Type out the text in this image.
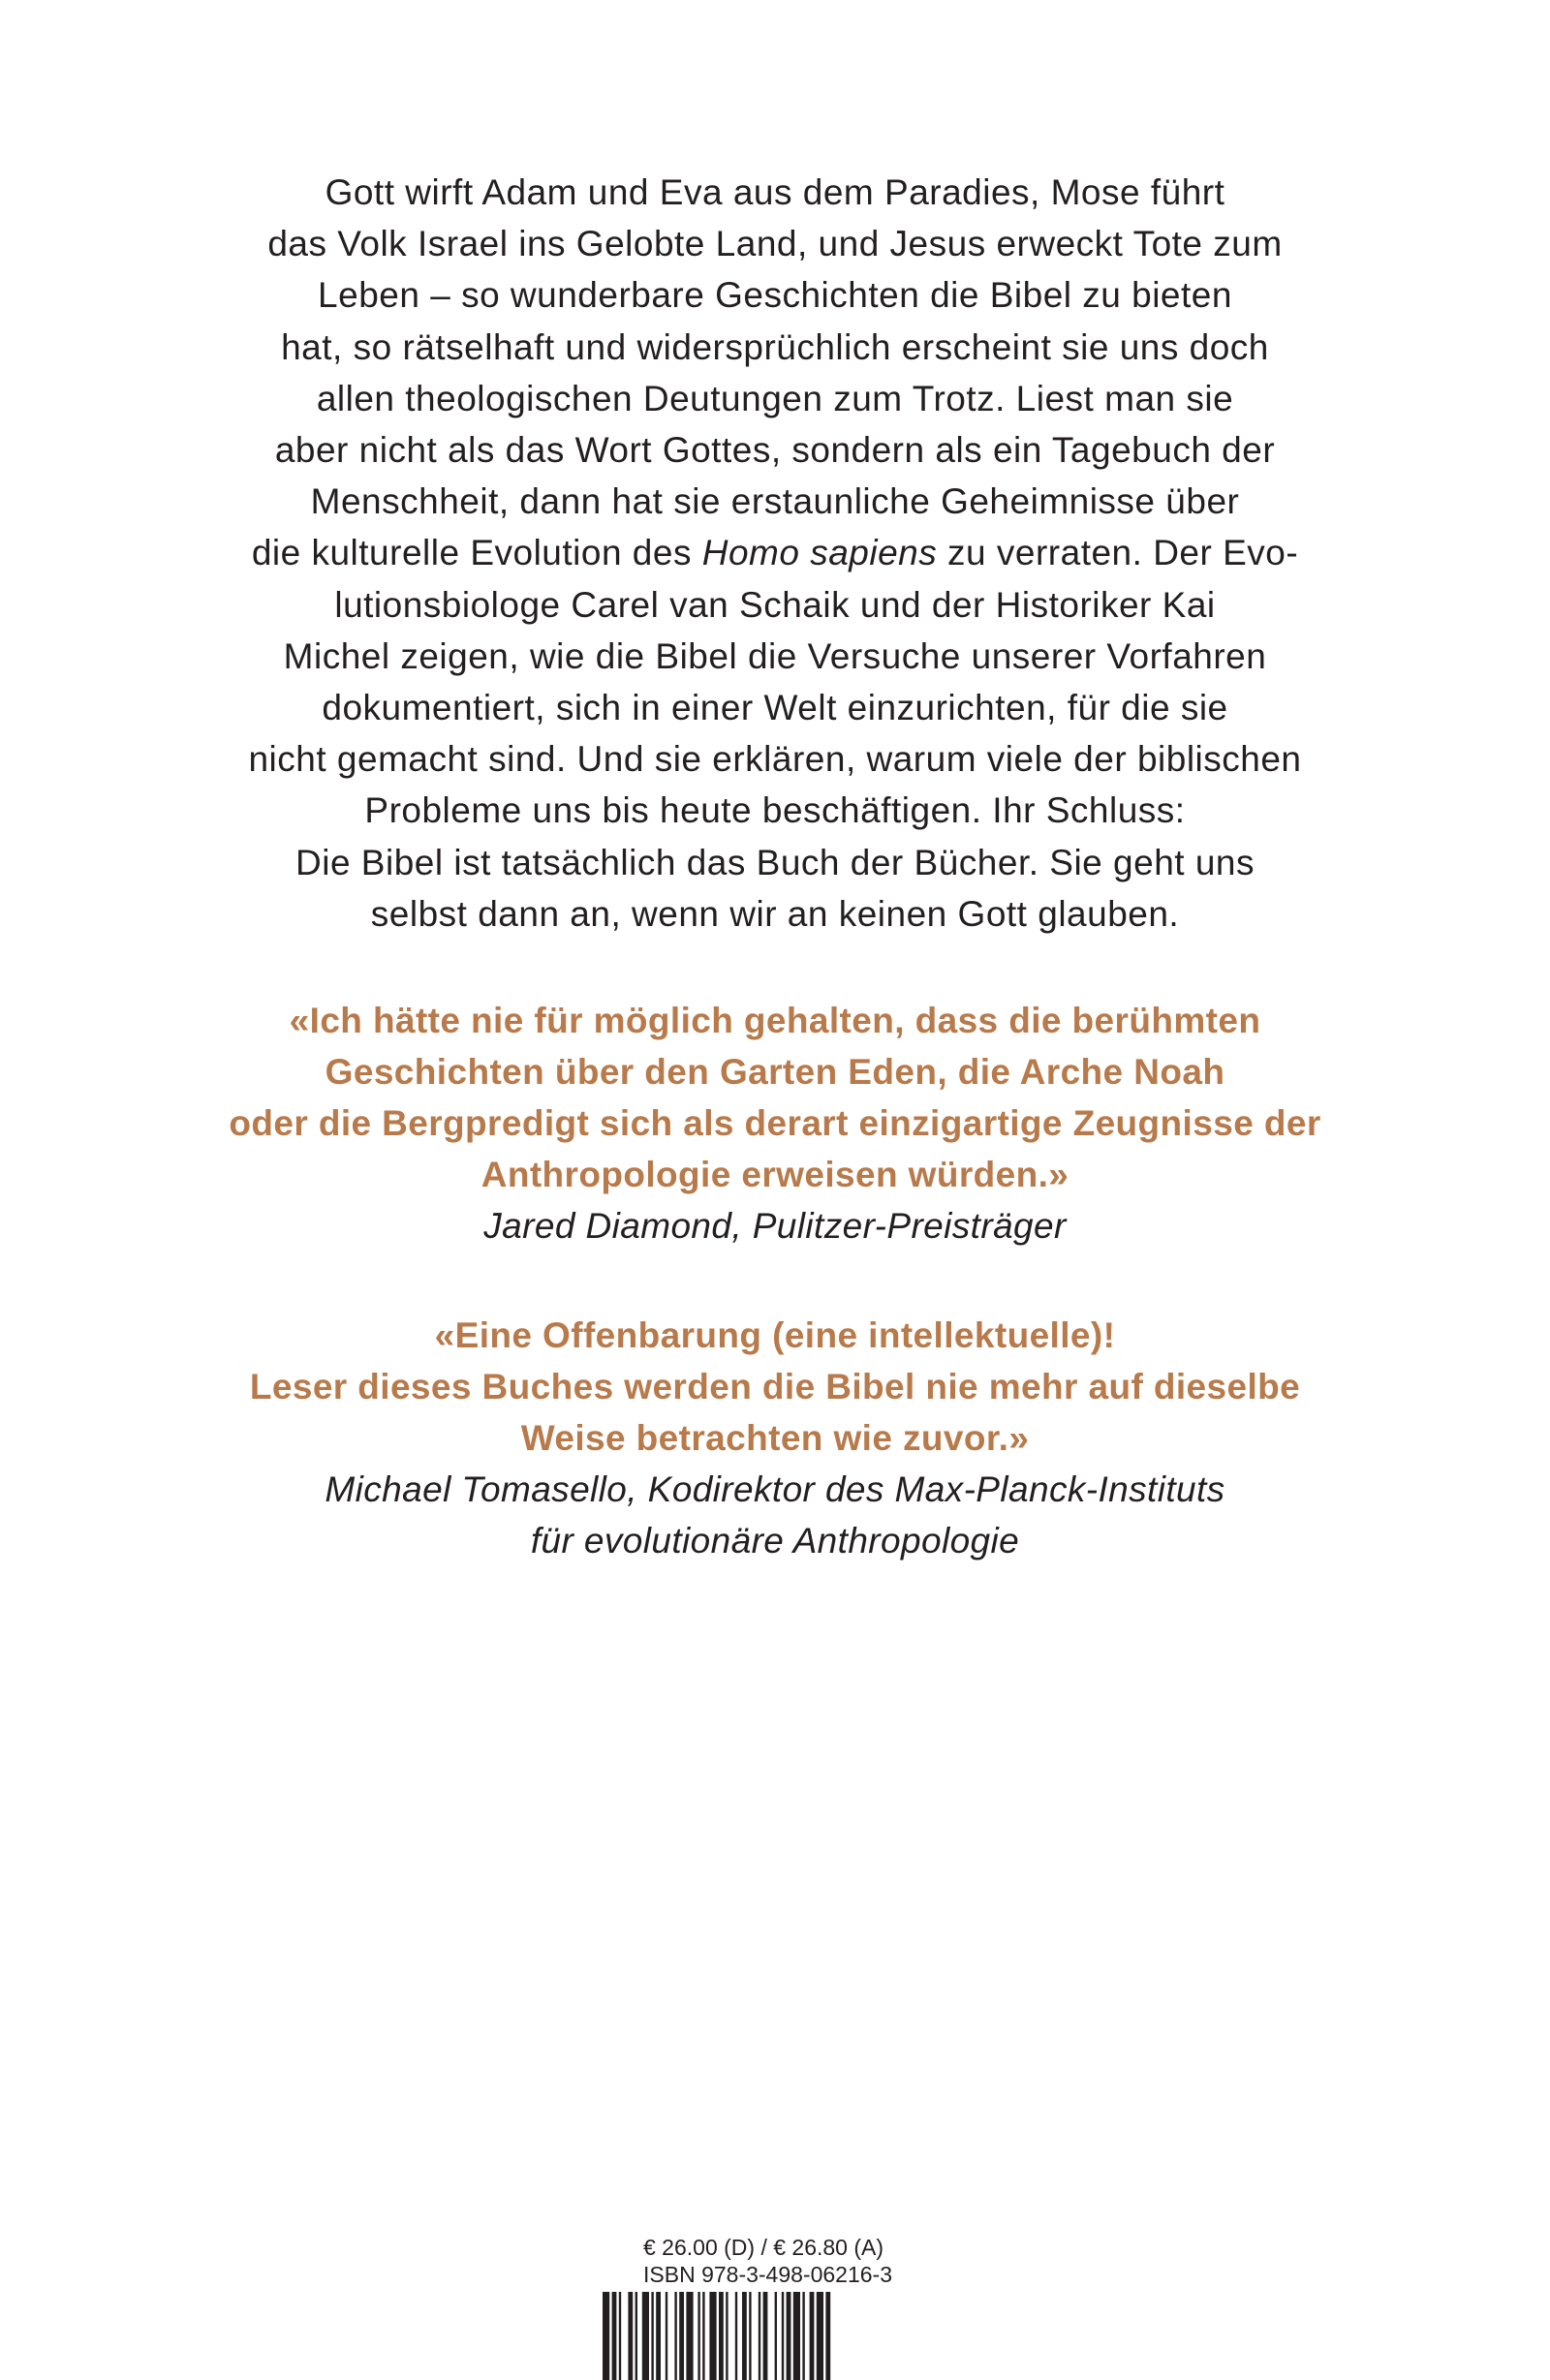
Gott wirft Adam und Eva aus dem Paradies, Mose führt
das Volk Israel ins Gelobte Land, und Jesus erweckt Tote zum
Leben – so wunderbare Geschichten die Bibel zu bieten
hat, so rätselhaft und widersprüchlich erscheint sie uns doch
allen theologischen Deutungen zum Trotz. Liest man sie
aber nicht als das Wort Gottes, sondern als ein Tagebuch der
Menschheit, dann hat sie erstaunliche Geheimnisse über
die kulturelle Evolution des Homo sapiens zu verraten. Der Evo-
lutionsbiologe Carel van Schaik und der Historiker Kai
Michel zeigen, wie die Bibel die Versuche unserer Vorfahren
dokumentiert, sich in einer Welt einzurichten, für die sie
nicht gemacht sind. Und sie erklären, warum viele der biblischen
Probleme uns bis heute beschäftigen. Ihr Schluss:
Die Bibel ist tatsächlich das Buch der Bücher. Sie geht uns
selbst dann an, wenn wir an keinen Gott glauben.
«Ich hätte nie für möglich gehalten, dass die berühmten
Geschichten über den Garten Eden, die Arche Noah
oder die Bergpredigt sich als derart einzigartige Zeugnisse der
Anthropologie erweisen würden.»
Jared Diamond, Pulitzer-Preisträger
«Eine Offenbarung (eine intellektuelle)!
Leser dieses Buches werden die Bibel nie mehr auf dieselbe
Weise betrachten wie zuvor.»
Michael Tomasello, Kodirektor des Max-Planck-Instituts
für evolutionäre Anthropologie
€ 26.00 (D) / € 26.80 (A)
ISBN 978-3-498-06216-3
